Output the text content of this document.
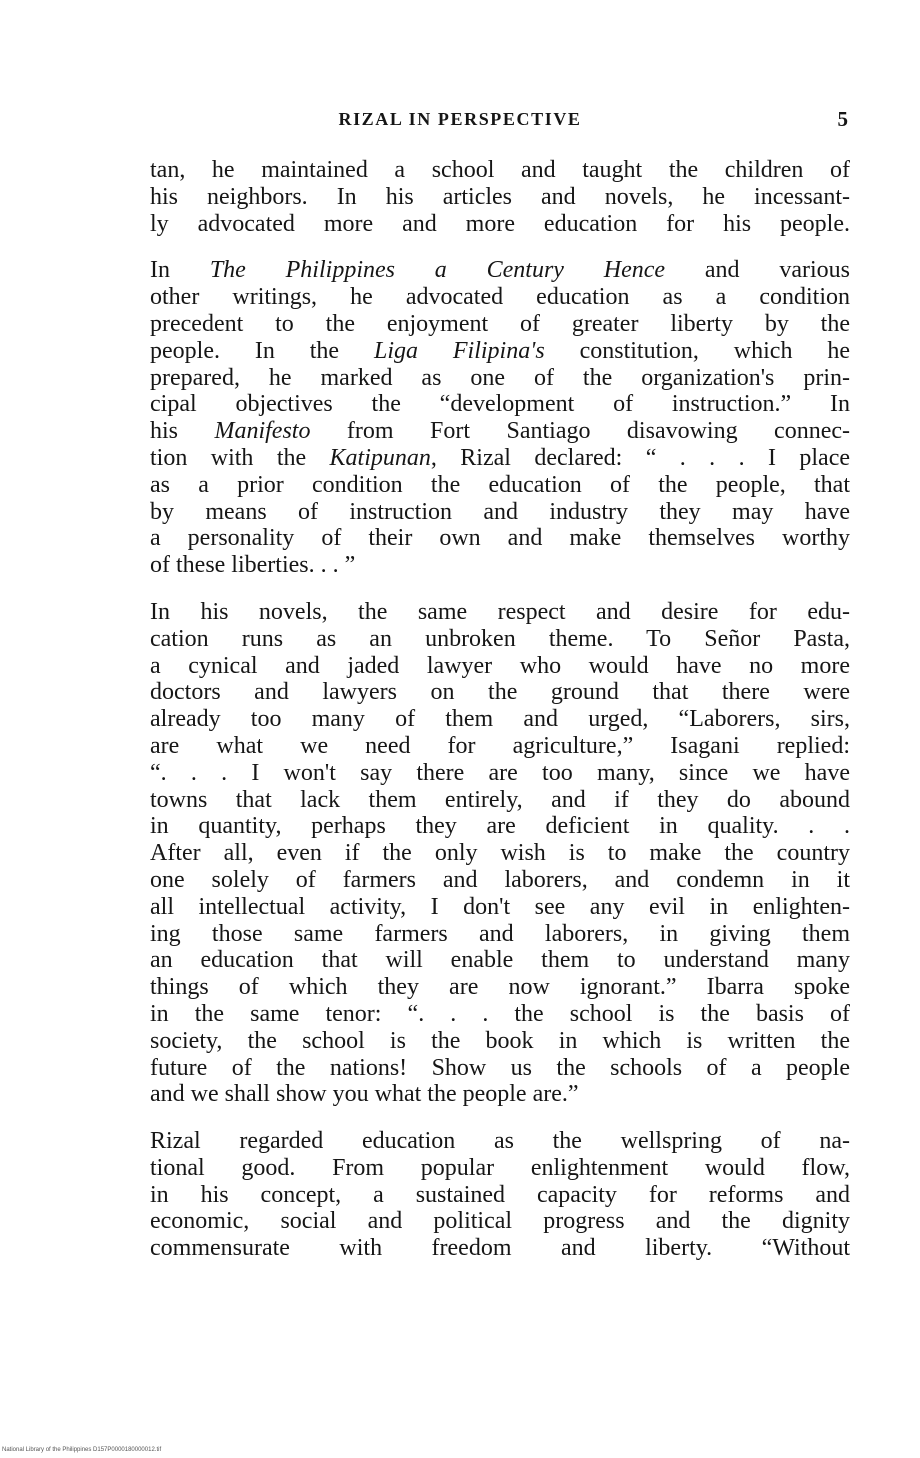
RIZAL IN PERSPECTIVE	5
tan, he maintained a school and taught the children of
his neighbors. In his articles and novels, he incessant-
ly advocated more and more education for his people.
In The Philippines a Century Hence and various
other writings, he advocated education as a condition
precedent to the enjoyment of greater liberty by the
people. In the Liga Filipina's constitution, which he
prepared, he marked as one of the organization's prin-
cipal objectives the “development of instruction.” In
his Manifesto from Fort Santiago disavowing connec-
tion with the Katipunan, Rizal declared: “ . . . I place
as a prior condition the education of the people, that
by means of instruction and industry they may have
a personality of their own and make themselves worthy
of these liberties. . . ”
In his novels, the same respect and desire for edu-
cation runs as an unbroken theme. To Señor Pasta,
a cynical and jaded lawyer who would have no more
doctors and lawyers on the ground that there were
already too many of them and urged, “Laborers, sirs,
are what we need for agriculture,” Isagani replied:
“. . . I won't say there are too many, since we have
towns that lack them entirely, and if they do abound
in quantity, perhaps they are deficient in quality. . .
After all, even if the only wish is to make the country
one solely of farmers and laborers, and condemn in it
all intellectual activity, I don't see any evil in enlighten-
ing those same farmers and laborers, in giving them
an education that will enable them to understand many
things of which they are now ignorant.” Ibarra spoke
in the same tenor: “. . . the school is the basis of
society, the school is the book in which is written the
future of the nations! Show us the schools of a people
and we shall show you what the people are.”
Rizal regarded education as the wellspring of na-
tional good. From popular enlightenment would flow,
in his concept, a sustained capacity for reforms and
economic, social and political progress and the dignity
commensurate with freedom and liberty. “Without
National Library of the Philippines D157P0000180000012.tif
